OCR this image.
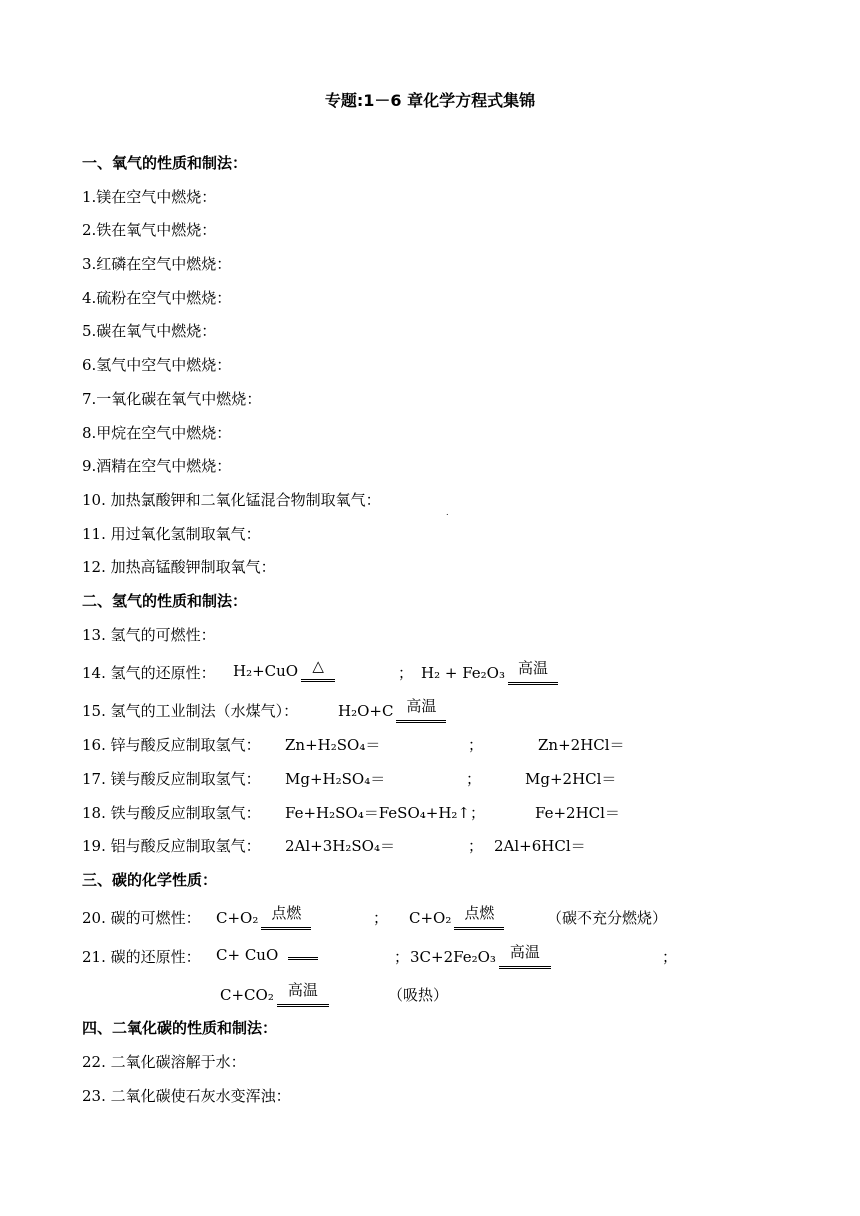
专题:1－6 章化学方程式集锦
一、氧气的性质和制法：
1.镁在空气中燃烧：
2.铁在氧气中燃烧：
3.红磷在空气中燃烧：
4.硫粉在空气中燃烧：
5.碳在氧气中燃烧：
6.氢气中空气中燃烧：
7.一氧化碳在氧气中燃烧：
8.甲烷在空气中燃烧：
9.酒精在空气中燃烧：
10. 加热氯酸钾和二氧化锰混合物制取氧气：
.
11. 用过氧化氢制取氧气：
12. 加热高锰酸钾制取氧气：
二、氢气的性质和制法：
13. 氢气的可燃性：
14. 氢气的还原性： H₂+CuO △	； H₂ + Fe₂O₃ 高温
15. 氢气的工业制法（水煤气）：	H₂O+C 高温
16. 锌与酸反应制取氢气： Zn+H₂SO₄＝	；	Zn+2HCl＝
17. 镁与酸反应制取氢气： Mg+H₂SO₄＝	；	Mg+2HCl＝
18. 铁与酸反应制取氢气： Fe+H₂SO₄＝FeSO₄+H₂↑；	Fe+2HCl＝
19. 铝与酸反应制取氢气： 2Al+3H₂SO₄＝	； 2Al+6HCl＝
三、碳的化学性质：
20. 碳的可燃性： C+O₂ 点燃	； C+O₂ 点燃	（碳不充分燃烧）
21. 碳的还原性： C+ CuO	； 3C+2Fe₂O₃ 高温	；
C+CO₂ 高温	（吸热）
四、二氧化碳的性质和制法：
22. 二氧化碳溶解于水：
23. 二氧化碳使石灰水变浑浊：
